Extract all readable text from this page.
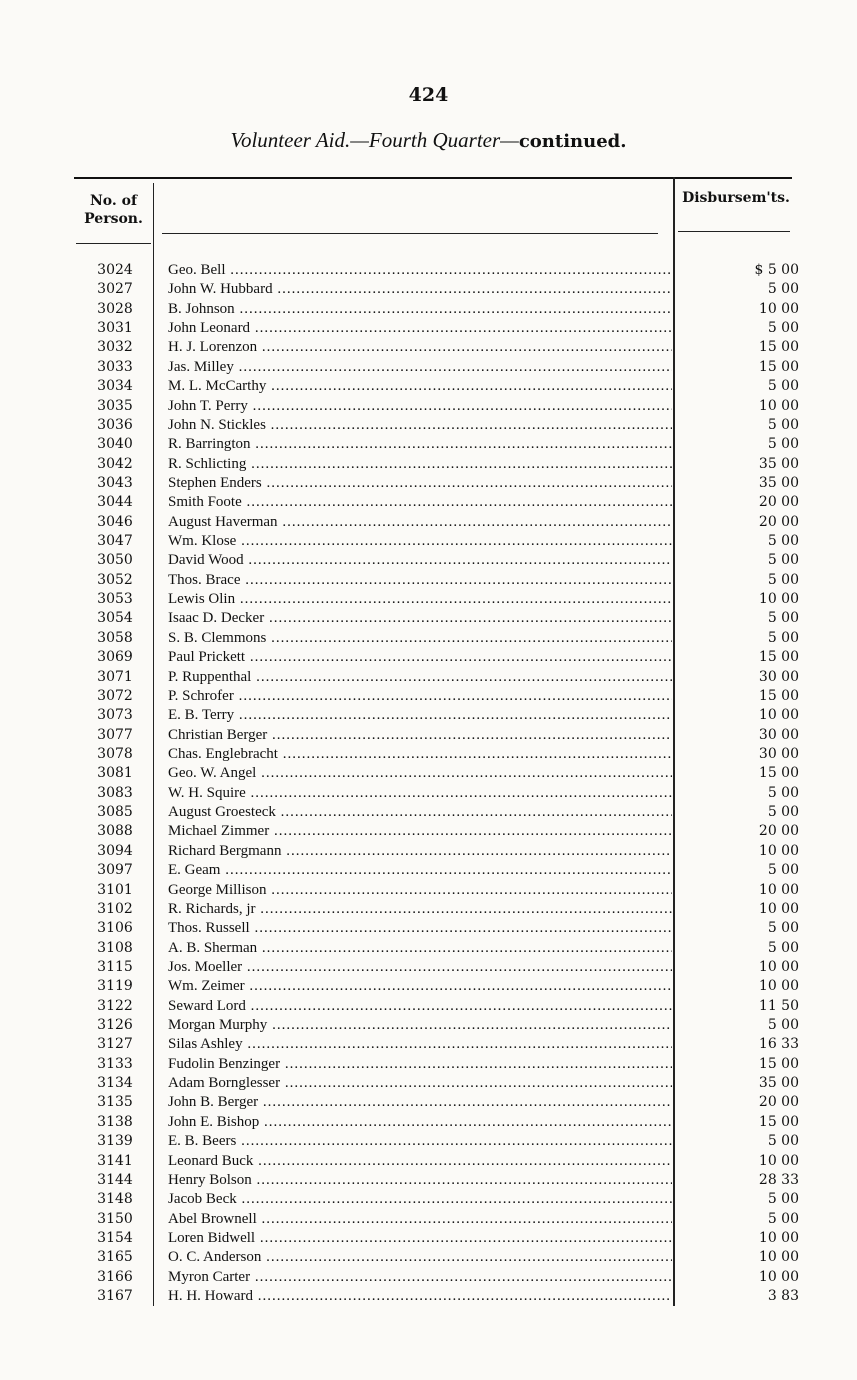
424
Volunteer Aid.—Fourth Quarter—continued.
No. of
Person.
Disbursem'ts.
3024	Geo. Bell .....	$ 5 00
3027	John W. Hubbard .....	5 00
3028	B. Johnson .....	10 00
3031	John Leonard .....	5 00
3032	H. J. Lorenzon .....	15 00
3033	Jas. Milley .....	15 00
3034	M. L. McCarthy .....	5 00
3035	John T. Perry .....	10 00
3036	John N. Stickles .....	5 00
3040	R. Barrington .....	5 00
3042	R. Schlicting .....	35 00
3043	Stephen Enders .....	35 00
3044	Smith Foote .....	20 00
3046	August Haverman .....	20 00
3047	Wm. Klose .....	5 00
3050	David Wood .....	5 00
3052	Thos. Brace .....	5 00
3053	Lewis Olin .....	10 00
3054	Isaac D. Decker .....	5 00
3058	S. B. Clemmons .....	5 00
3069	Paul Prickett .....	15 00
3071	P. Ruppenthal .....	30 00
3072	P. Schrofer .....	15 00
3073	E. B. Terry .....	10 00
3077	Christian Berger .....	30 00
3078	Chas. Englebracht .....	30 00
3081	Geo. W. Angel .....	15 00
3083	W. H. Squire .....	5 00
3085	August Groesteck .....	5 00
3088	Michael Zimmer .....	20 00
3094	Richard Bergmann .....	10 00
3097	E. Geam .....	5 00
3101	George Millison .....	10 00
3102	R. Richards, jr .....	10 00
3106	Thos. Russell .....	5 00
3108	A. B. Sherman .....	5 00
3115	Jos. Moeller .....	10 00
3119	Wm. Zeimer .....	10 00
3122	Seward Lord .....	11 50
3126	Morgan Murphy .....	5 00
3127	Silas Ashley .....	16 33
3133	Fudolin Benzinger .....	15 00
3134	Adam Bornglesser .....	35 00
3135	John B. Berger .....	20 00
3138	John E. Bishop .....	15 00
3139	E. B. Beers .....	5 00
3141	Leonard Buck .....	10 00
3144	Henry Bolson .....	28 33
3148	Jacob Beck .....	5 00
3150	Abel Brownell .....	5 00
3154	Loren Bidwell .....	10 00
3165	O. C. Anderson .....	10 00
3166	Myron Carter .....	10 00
3167	H. H. Howard .....	3 83
